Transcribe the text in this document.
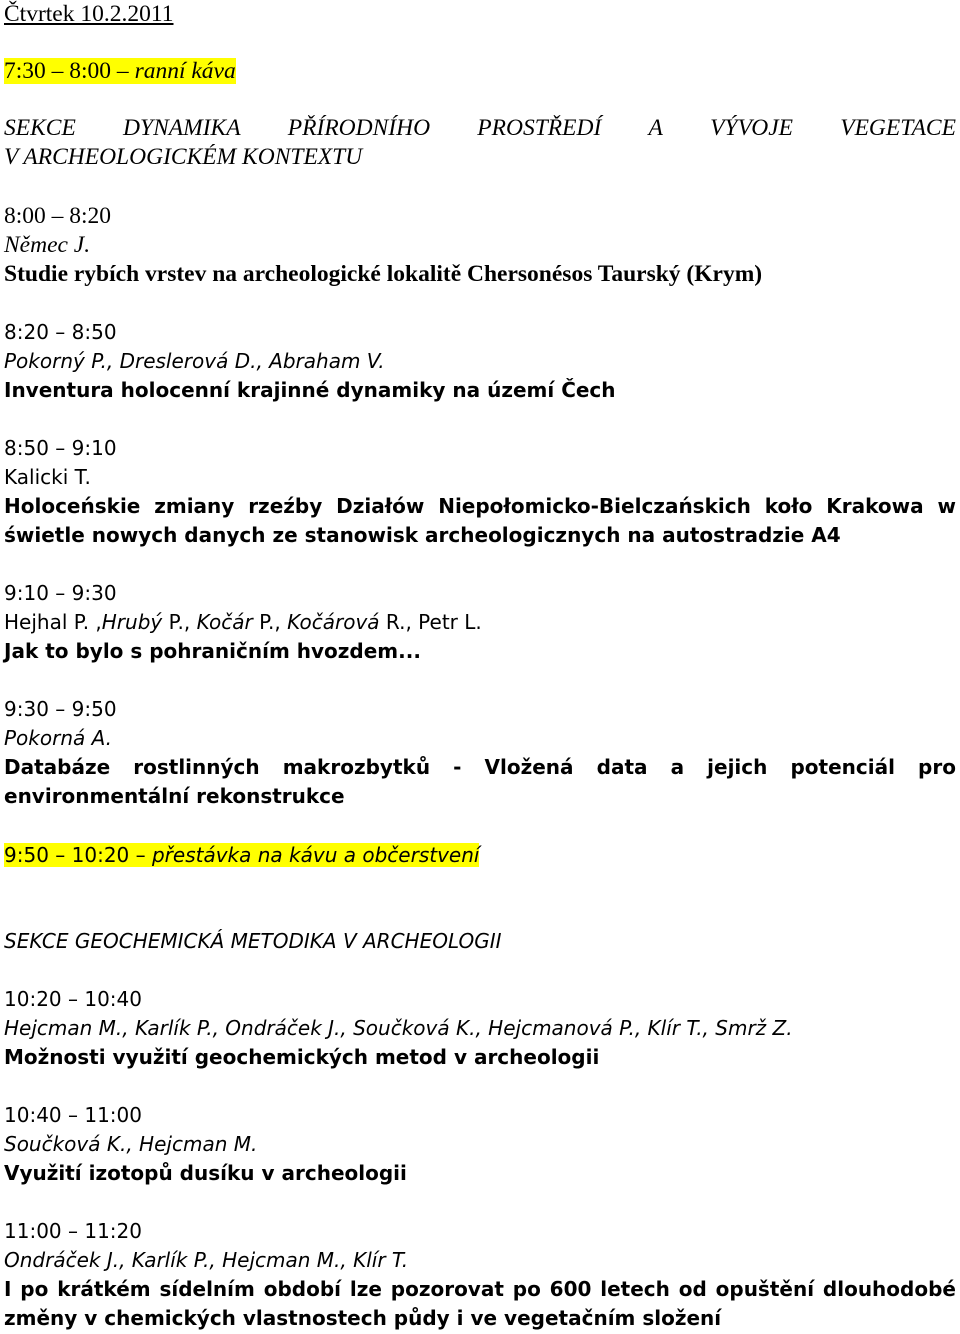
Čtvrtek 10.2.2011
7:30 – 8:00 – ranní káva
SEKCE DYNAMIKA PŘÍRODNÍHO PROSTŘEDÍ A VÝVOJE VEGETACE
V ARCHEOLOGICKÉM KONTEXTU
8:00 – 8:20
Němec J.
Studie rybích vrstev na archeologické lokalitě Chersonésos Taurský (Krym)
8:20 – 8:50
Pokorný P., Dreslerová D., Abraham V.
Inventura holocenní krajinné dynamiky na území Čech
8:50 – 9:10
Kalicki T.
Holoceńskie zmiany rzeźby Działów Niepołomicko-Bielczańskich koło Krakowa w
świetle nowych danych ze stanowisk archeologicznych na autostradzie A4
9:10 – 9:30
Hejhal P. ,Hrubý P., Kočár P., Kočárová R., Petr L.
Jak to bylo s pohraničním hvozdem...
9:30 – 9:50
Pokorná A.
Databáze rostlinných makrozbytků - Vložená data a jejich potenciál pro
environmentální rekonstrukce
9:50 – 10:20 – přestávka na kávu a občerstvení
SEKCE GEOCHEMICKÁ METODIKA V ARCHEOLOGII
10:20 – 10:40
Hejcman M., Karlík P., Ondráček J., Součková K., Hejcmanová P., Klír T., Smrž Z.
Možnosti využití geochemických metod v archeologii
10:40 – 11:00
Součková K., Hejcman M.
Využití izotopů dusíku v archeologii
11:00 – 11:20
Ondráček J., Karlík P., Hejcman M., Klír T.
I po krátkém sídelním období lze pozorovat po 600 letech od opuštění dlouhodobé
změny v chemických vlastnostech půdy i ve vegetačním složení
